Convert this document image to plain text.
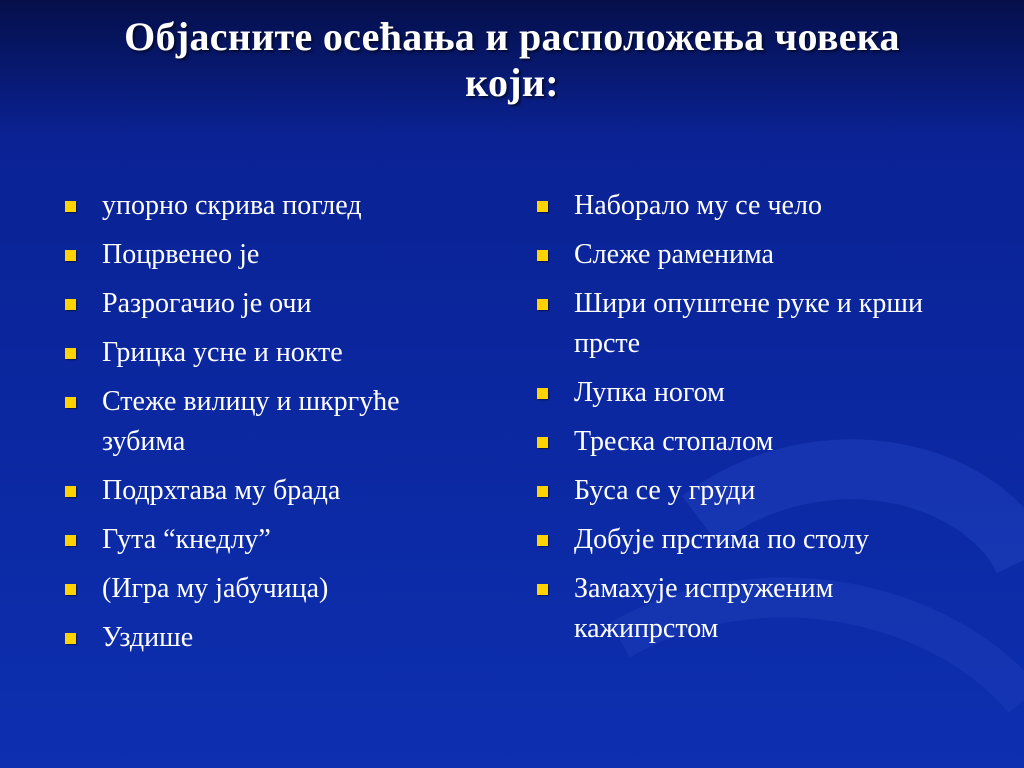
Објасните осећања и расположења човека
који:
упорно скрива поглед
Поцрвенео је
Разрогачио је очи
Грицка усне и нокте
Стеже вилицу и шкргуће зубима
Подрхтава му брада
Гута “кнедлу”
(Игра му јабучица)
Уздише
Наборало му се чело
Слеже раменима
Шири опуштене руке и крши прсте
Лупка ногом
Треска стопалом
Буса се у груди
Добује прстима по столу
Замахује испруженим кажипрстом
